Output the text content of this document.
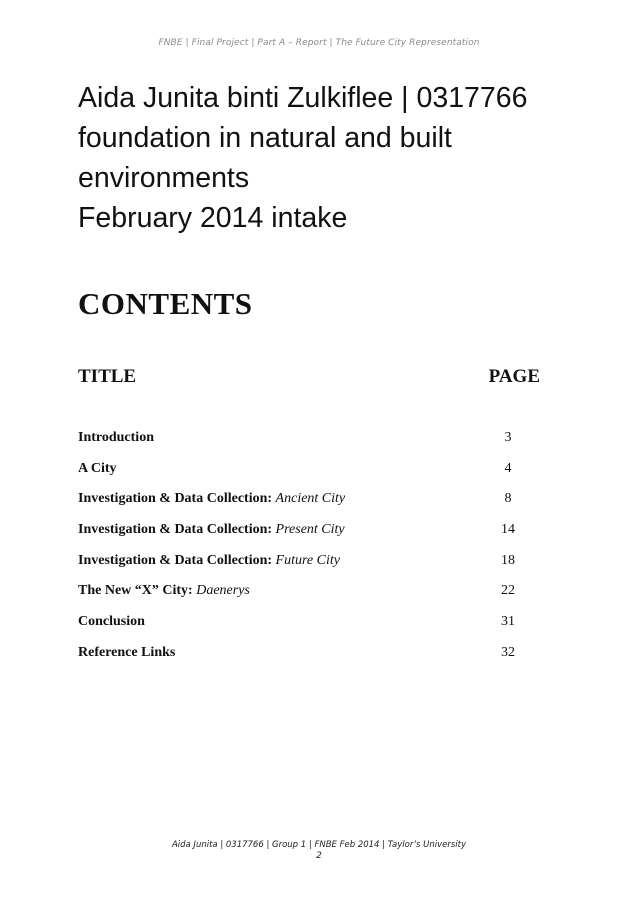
FNBE | Final Project | Part A – Report | The Future City Representation
Aida Junita binti Zulkiflee | 0317766
foundation in natural and built
environments
February 2014 intake
CONTENTS
TITLE	PAGE
Introduction	3
A City	4
Investigation & Data Collection: Ancient City	8
Investigation & Data Collection: Present City	14
Investigation & Data Collection: Future City	18
The New “X” City: Daenerys	22
Conclusion	31
Reference Links	32
Aida Junita | 0317766 | Group 1 | FNBE Feb 2014 | Taylor’s University
2
